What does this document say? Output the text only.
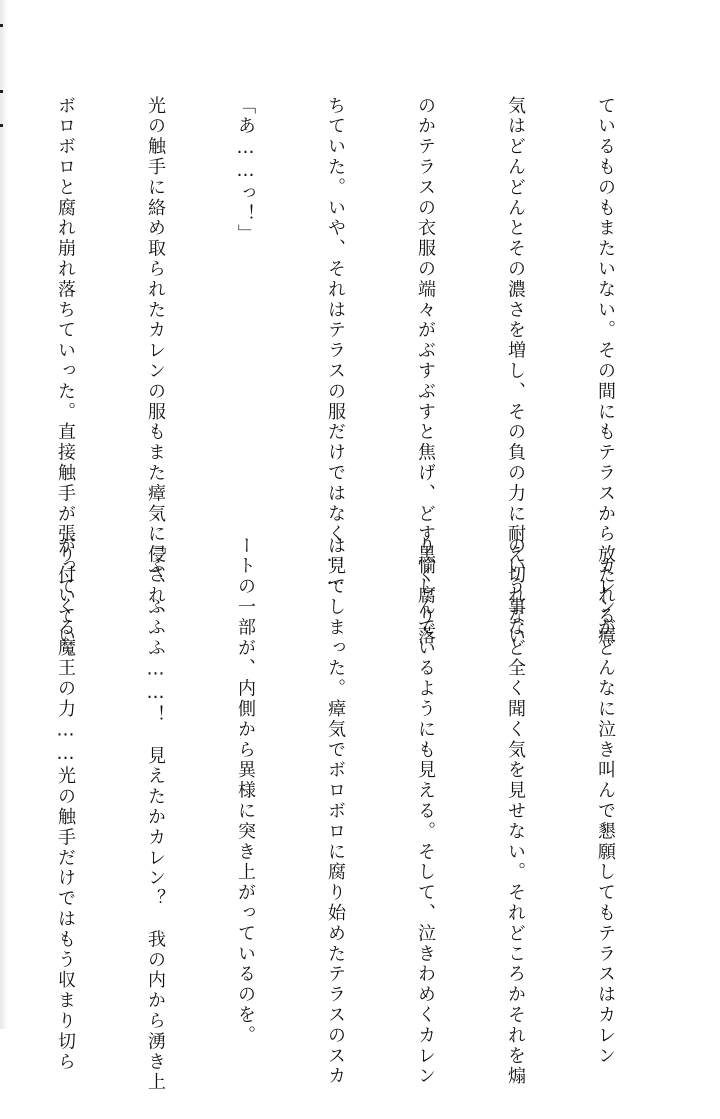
ているものもまたいない。その間にもテラスから放たれる瘴

気はどんどんとその濃さを増し、その負の力に耐え切れない

のかテラスの衣服の端々がぶすぶすと焦げ、どす黒く腐り落

ちていた。いや、それはテラスの服だけではなく……

「あ……っ！」

光の触手に絡め取られたカレンの服もまた瘴気に侵され、

ボロボロと腐れ崩れ落ちていった。直接触手が張り付いてい

　カレンがどんなに泣き叫んで懇願してもテラスはカレン

のいう事など全く聞く気を見せない。それどころかそれを煽

り愉しんでいるようにも見える。そして、泣きわめくカレン

は見てしまった。瘴気でボロボロに腐り始めたテラスのスカ

ートの一部が、内側から異様に突き上がっているのを。

「ふ、ふふふ……！　見えたかカレン？　我の内から湧き上

がってくる魔王の力……光の触手だけではもう収まり切ら
